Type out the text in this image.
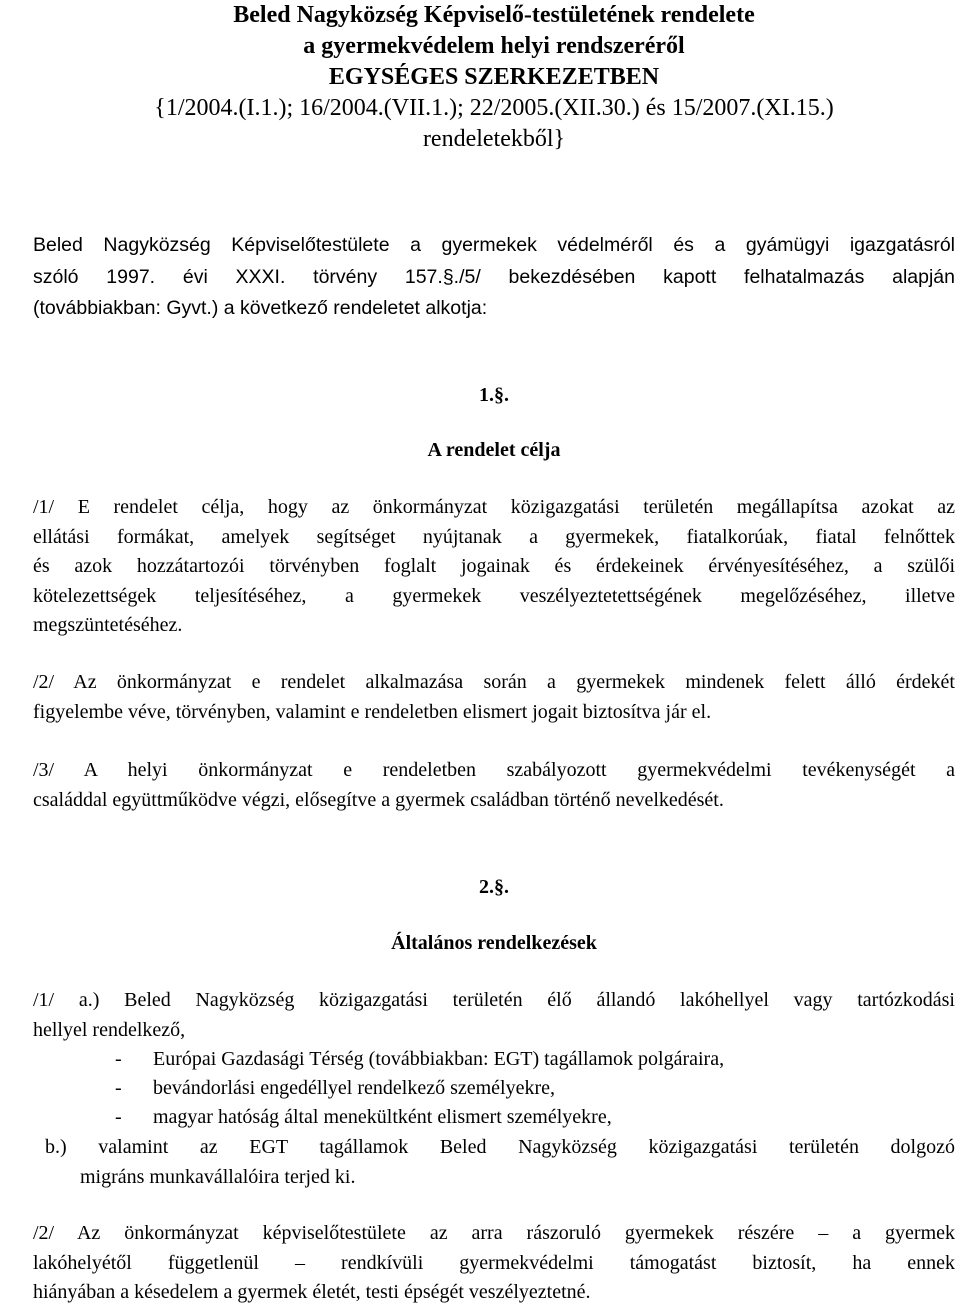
Beled Nagyközség Képviselő-testületének rendelete
a gyermekvédelem helyi rendszeréről
EGYSÉGES SZERKEZETBEN
{1/2004.(I.1.); 16/2004.(VII.1.); 22/2005.(XII.30.) és 15/2007.(XI.15.)
rendeletekből}
Beled Nagyközség Képviselőtestülete a gyermekek védelméről és a gyámügyi igazgatásról
szóló 1997. évi XXXI. törvény 157.§./5/ bekezdésében kapott felhatalmazás alapján
(továbbiakban: Gyvt.) a következő rendeletet alkotja:
1.§.
A rendelet célja
/1/ E rendelet célja, hogy az önkormányzat közigazgatási területén megállapítsa azokat az
ellátási formákat, amelyek segítséget nyújtanak a gyermekek, fiatalkorúak, fiatal felnőttek
és azok hozzátartozói törvényben foglalt jogainak és érdekeinek érvényesítéséhez, a szülői
kötelezettségek teljesítéséhez, a gyermekek veszélyeztetettségének megelőzéséhez, illetve
megszüntetéséhez.
/2/ Az önkormányzat e rendelet alkalmazása során a gyermekek mindenek felett álló érdekét
figyelembe véve, törvényben, valamint e rendeletben elismert jogait biztosítva jár el.
/3/ A helyi önkormányzat e rendeletben szabályozott gyermekvédelmi tevékenységét a
családdal együttműködve végzi, elősegítve a gyermek családban történő nevelkedését.
2.§.
Általános rendelkezések
/1/ a.) Beled Nagyközség közigazgatási területén élő állandó lakóhellyel vagy tartózkodási
hellyel rendelkező,
- Európai Gazdasági Térség (továbbiakban: EGT) tagállamok polgáraira,
- bevándorlási engedéllyel rendelkező személyekre,
- magyar hatóság által menekültként elismert személyekre,
b.) valamint az EGT tagállamok Beled Nagyközség közigazgatási területén dolgozó
migráns munkavállalóira terjed ki.
/2/ Az önkormányzat képviselőtestülete az arra rászoruló gyermekek részére – a gyermek
lakóhelyétől függetlenül – rendkívüli gyermekvédelmi támogatást biztosít, ha ennek
hiányában a késedelem a gyermek életét, testi épségét veszélyeztetné.
